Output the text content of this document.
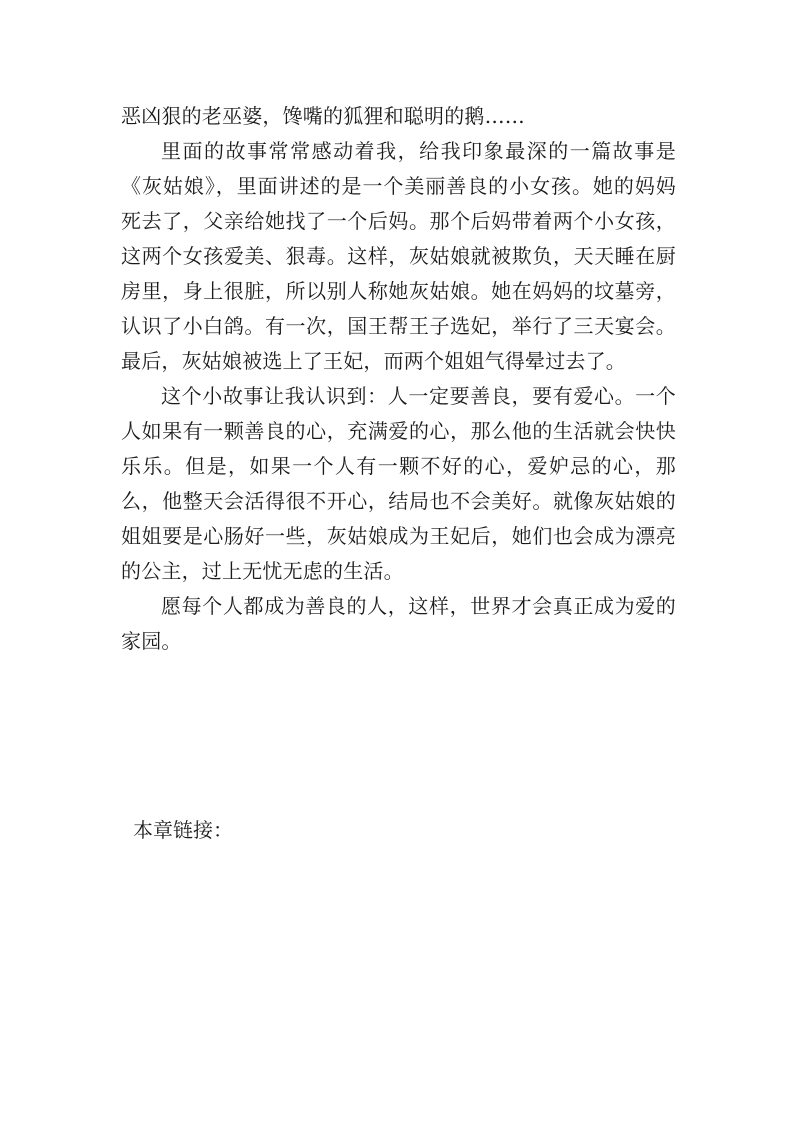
恶凶狠的老巫婆，馋嘴的狐狸和聪明的鹅……

里面的故事常常感动着我，给我印象最深的一篇故事是《灰姑娘》，里面讲述的是一个美丽善良的小女孩。她的妈妈死去了，父亲给她找了一个后妈。那个后妈带着两个小女孩，这两个女孩爱美、狠毒。这样，灰姑娘就被欺负，天天睡在厨房里，身上很脏，所以别人称她灰姑娘。她在妈妈的坟墓旁，认识了小白鸽。有一次，国王帮王子选妃，举行了三天宴会。最后，灰姑娘被选上了王妃，而两个姐姐气得晕过去了。

这个小故事让我认识到：人一定要善良，要有爱心。一个人如果有一颗善良的心，充满爱的心，那么他的生活就会快快乐乐。但是，如果一个人有一颗不好的心，爱妒忌的心，那么，他整天会活得很不开心，结局也不会美好。就像灰姑娘的姐姐要是心肠好一些，灰姑娘成为王妃后，她们也会成为漂亮的公主，过上无忧无虑的生活。

愿每个人都成为善良的人，这样，世界才会真正成为爱的家园。

本章链接：
